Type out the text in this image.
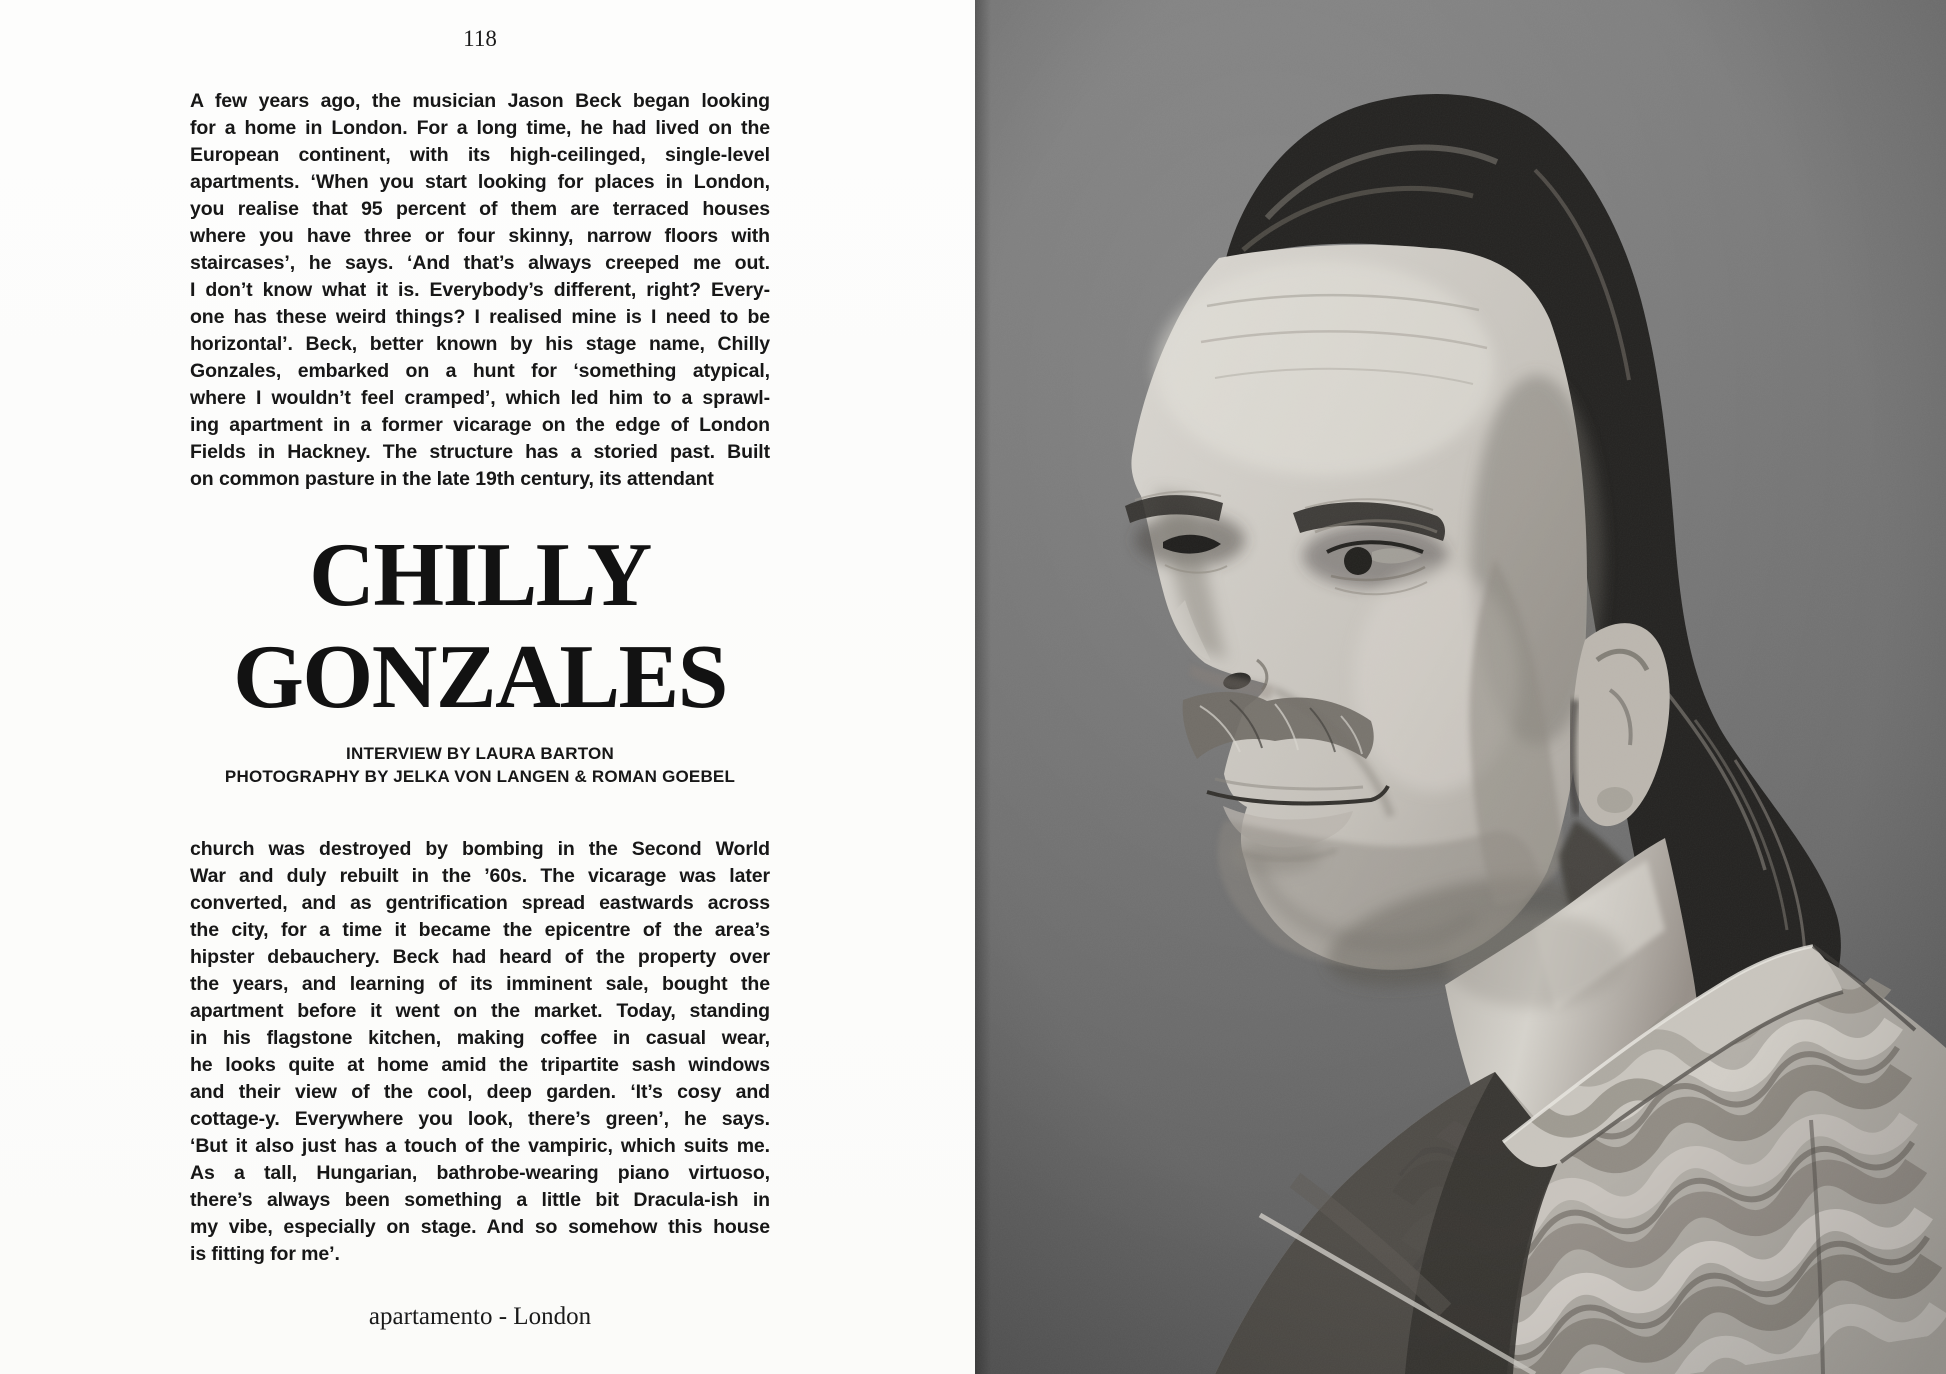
118
A few years ago, the musician Jason Beck began looking
for a home in London. For a long time, he had lived on the
European continent, with its high-ceilinged, single-level
apartments. ‘When you start looking for places in London,
you realise that 95 percent of them are terraced houses
where you have three or four skinny, narrow floors with
staircases’, he says. ‘And that’s always creeped me out.
I don’t know what it is. Everybody’s different, right? Every-
one has these weird things? I realised mine is I need to be
horizontal’. Beck, better known by his stage name, Chilly
Gonzales, embarked on a hunt for ‘something atypical,
where I wouldn’t feel cramped’, which led him to a sprawl-
ing apartment in a former vicarage on the edge of London
Fields in Hackney. The structure has a storied past. Built
on common pasture in the late 19th century, its attendant
CHILLY
GONZALES
INTERVIEW BY LAURA BARTON
PHOTOGRAPHY BY JELKA VON LANGEN & ROMAN GOEBEL
church was destroyed by bombing in the Second World
War and duly rebuilt in the ’60s. The vicarage was later
converted, and as gentrification spread eastwards across
the city, for a time it became the epicentre of the area’s
hipster debauchery. Beck had heard of the property over
the years, and learning of its imminent sale, bought the
apartment before it went on the market. Today, standing
in his flagstone kitchen, making coffee in casual wear,
he looks quite at home amid the tripartite sash windows
and their view of the cool, deep garden. ‘It’s cosy and
cottage-y. Everywhere you look, there’s green’, he says.
‘But it also just has a touch of the vampiric, which suits me.
As a tall, Hungarian, bathrobe-wearing piano virtuoso,
there’s always been something a little bit Dracula-ish in
my vibe, especially on stage. And so somehow this house
is fitting for me’.
apartamento - London
